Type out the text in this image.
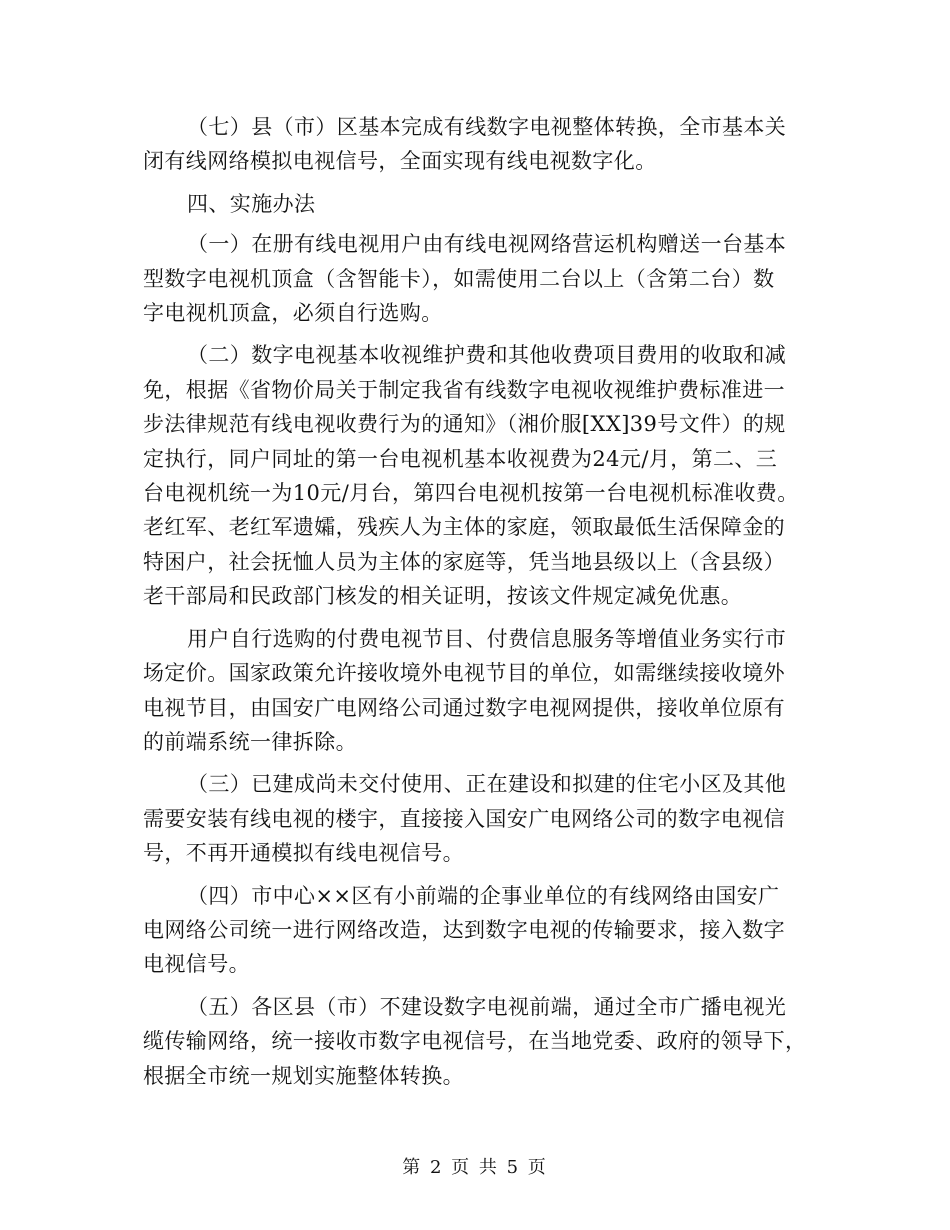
（七）县（市）区基本完成有线数字电视整体转换，全市基本关
闭有线网络模拟电视信号，全面实现有线电视数字化。
四、实施办法
（一）在册有线电视用户由有线电视网络营运机构赠送一台基本
型数字电视机顶盒（含智能卡），如需使用二台以上（含第二台）数
字电视机顶盒，必须自行选购。
（二）数字电视基本收视维护费和其他收费项目费用的收取和减
免，根据《省物价局关于制定我省有线数字电视收视维护费标准进一
步法律规范有线电视收费行为的通知》（湘价服[XX]39号文件）的规
定执行，同户同址的第一台电视机基本收视费为24元/月，第二、三
台电视机统一为10元/月台，第四台电视机按第一台电视机标准收费。
老红军、老红军遗孀，残疾人为主体的家庭，领取最低生活保障金的
特困户，社会抚恤人员为主体的家庭等，凭当地县级以上（含县级）
老干部局和民政部门核发的相关证明，按该文件规定减免优惠。
用户自行选购的付费电视节目、付费信息服务等增值业务实行市
场定价。国家政策允许接收境外电视节目的单位，如需继续接收境外
电视节目，由国安广电网络公司通过数字电视网提供，接收单位原有
的前端系统一律拆除。
（三）已建成尚未交付使用、正在建设和拟建的住宅小区及其他
需要安装有线电视的楼宇，直接接入国安广电网络公司的数字电视信
号，不再开通模拟有线电视信号。
（四）市中心××区有小前端的企事业单位的有线网络由国安广
电网络公司统一进行网络改造，达到数字电视的传输要求，接入数字
电视信号。
（五）各区县（市）不建设数字电视前端，通过全市广播电视光
缆传输网络，统一接收市数字电视信号，在当地党委、政府的领导下，
根据全市统一规划实施整体转换。
第 2 页 共 5 页
